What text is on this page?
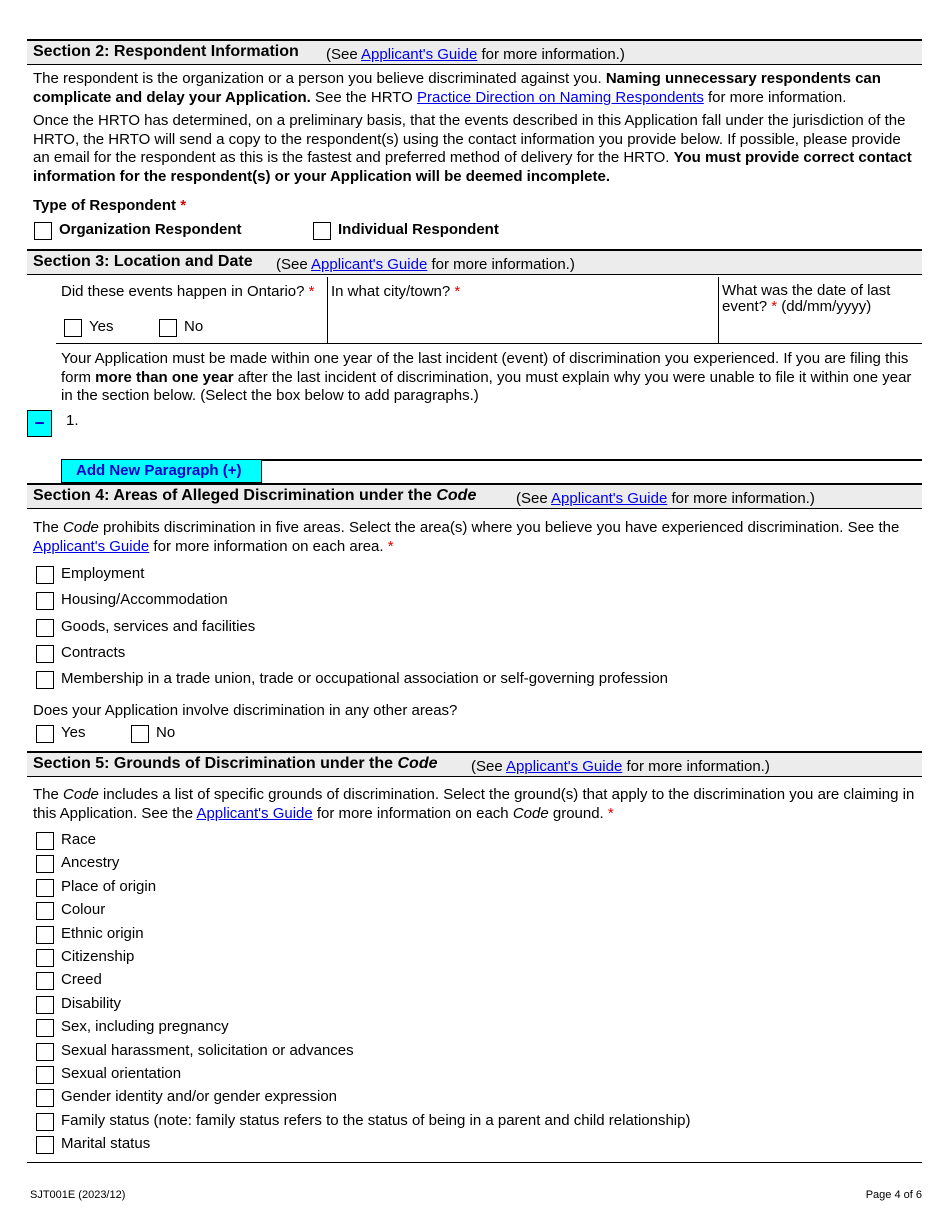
Section 2: Respondent Information (See Applicant's Guide for more information.)
The respondent is the organization or a person you believe discriminated against you. Naming unnecessary respondents can complicate and delay your Application. See the HRTO Practice Direction on Naming Respondents for more information.
Once the HRTO has determined, on a preliminary basis, that the events described in this Application fall under the jurisdiction of the HRTO, the HRTO will send a copy to the respondent(s) using the contact information you provide below. If possible, please provide an email for the respondent as this is the fastest and preferred method of delivery for the HRTO. You must provide correct contact information for the respondent(s) or your Application will be deemed incomplete.
Type of Respondent *
Organization Respondent	Individual Respondent
Section 3: Location and Date (See Applicant's Guide for more information.)
Did these events happen in Ontario? *
Yes	No
In what city/town? *	What was the date of last
event? * (dd/mm/yyyy)
Your Application must be made within one year of the last incident (event) of discrimination you experienced. If you are filing this form more than one year after the last incident of discrimination, you must explain why you were unable to file it within one year in the section below. (Select the box below to add paragraphs.)
–	1.
Add New Paragraph (+)
Section 4: Areas of Alleged Discrimination under the Code	(See Applicant's Guide for more information.)
The Code prohibits discrimination in five areas. Select the area(s) where you believe you have experienced discrimination. See the Applicant's Guide for more information on each area. *
Employment
Housing/Accommodation
Goods, services and facilities
Contracts
Membership in a trade union, trade or occupational association or self-governing profession
Does your Application involve discrimination in any other areas?
Yes	No
Section 5: Grounds of Discrimination under the Code (See Applicant's Guide for more information.)
The Code includes a list of specific grounds of discrimination. Select the ground(s) that apply to the discrimination you are claiming in this Application. See the Applicant's Guide for more information on each Code ground. *
Race
Ancestry
Place of origin
Colour
Ethnic origin
Citizenship
Creed
Disability
Sex, including pregnancy
Sexual harassment, solicitation or advances
Sexual orientation
Gender identity and/or gender expression
Family status (note: family status refers to the status of being in a parent and child relationship)
Marital status
SJT001E (2023/12)	Page 4 of 6
